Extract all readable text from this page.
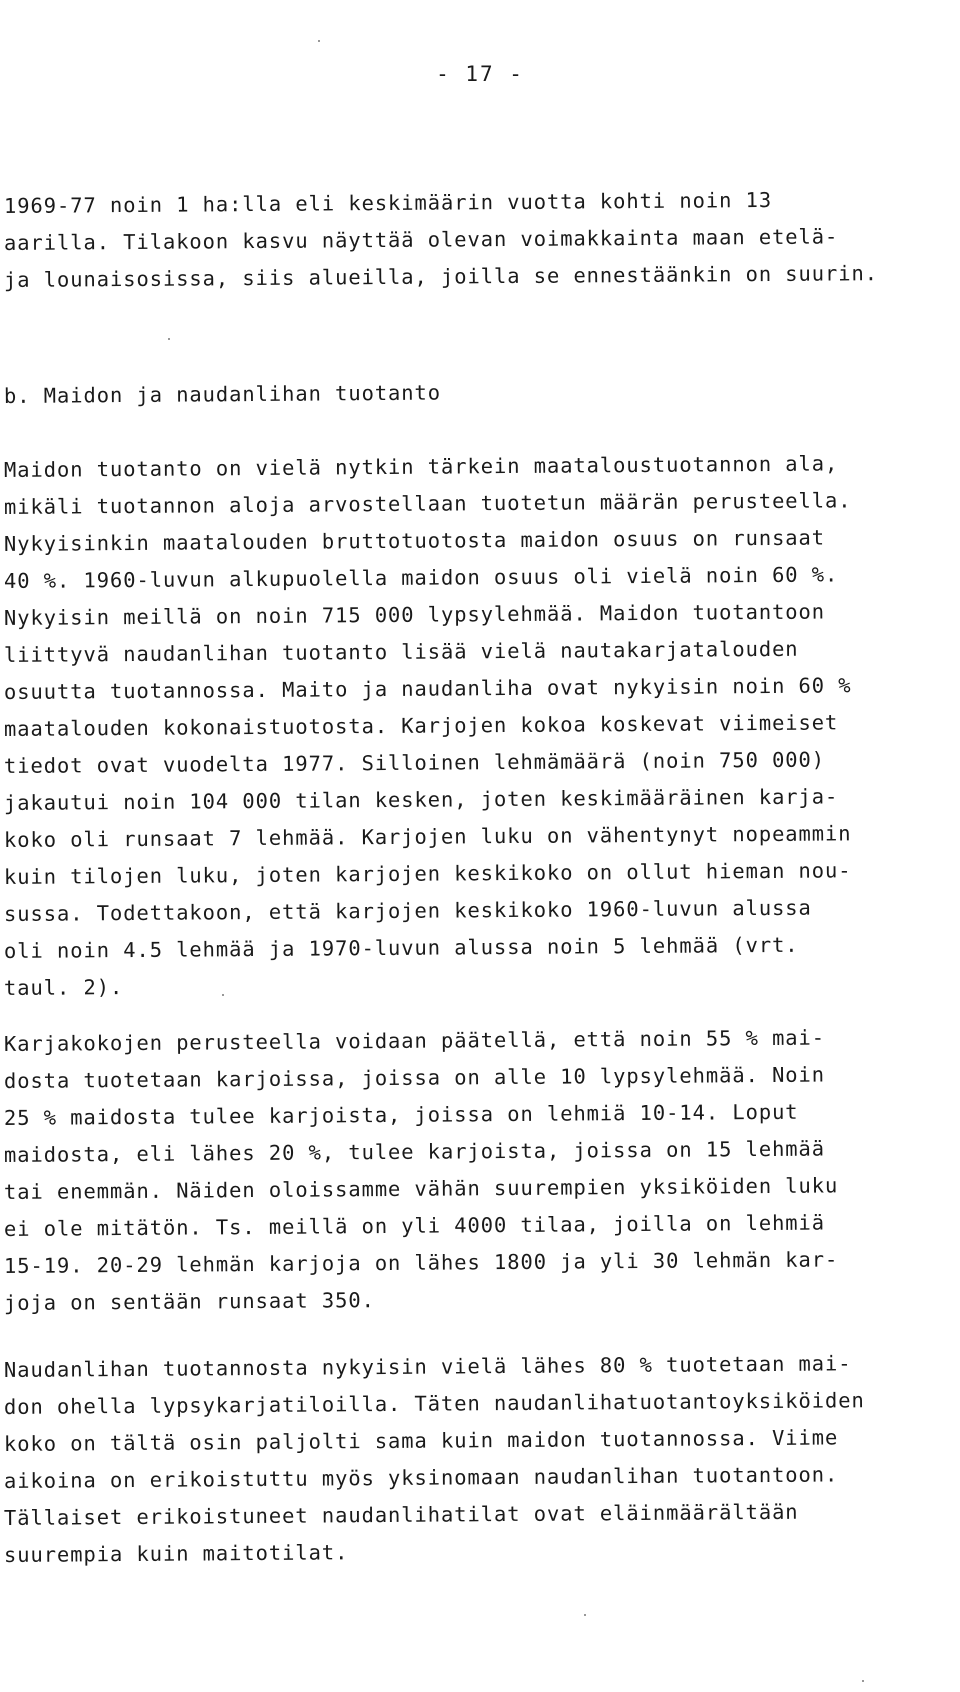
- 17 -
1969-77 noin 1 ha:lla eli keskimäärin vuotta kohti noin 13
aarilla. Tilakoon kasvu näyttää olevan voimakkainta maan etelä-
ja lounaisosissa, siis alueilla, joilla se ennestäänkin on suurin.
b. Maidon ja naudanlihan tuotanto
Maidon tuotanto on vielä nytkin tärkein maataloustuotannon ala,
mikäli tuotannon aloja arvostellaan tuotetun määrän perusteella.
Nykyisinkin maatalouden bruttotuotosta maidon osuus on runsaat
40 %. 1960-luvun alkupuolella maidon osuus oli vielä noin 60 %.
Nykyisin meillä on noin 715 000 lypsylehmää. Maidon tuotantoon
liittyvä naudanlihan tuotanto lisää vielä nautakarjatalouden
osuutta tuotannossa. Maito ja naudanliha ovat nykyisin noin 60 %
maatalouden kokonaistuotosta. Karjojen kokoa koskevat viimeiset
tiedot ovat vuodelta 1977. Silloinen lehmämäärä (noin 750 000)
jakautui noin 104 000 tilan kesken, joten keskimääräinen karja-
koko oli runsaat 7 lehmää. Karjojen luku on vähentynyt nopeammin
kuin tilojen luku, joten karjojen keskikoko on ollut hieman nou-
sussa. Todettakoon, että karjojen keskikoko 1960-luvun alussa
oli noin 4.5 lehmää ja 1970-luvun alussa noin 5 lehmää (vrt.
taul. 2).
Karjakokojen perusteella voidaan päätellä, että noin 55 % mai-
dosta tuotetaan karjoissa, joissa on alle 10 lypsylehmää. Noin
25 % maidosta tulee karjoista, joissa on lehmiä 10-14. Loput
maidosta, eli lähes 20 %, tulee karjoista, joissa on 15 lehmää
tai enemmän. Näiden oloissamme vähän suurempien yksiköiden luku
ei ole mitätön. Ts. meillä on yli 4000 tilaa, joilla on lehmiä
15-19. 20-29 lehmän karjoja on lähes 1800 ja yli 30 lehmän kar-
joja on sentään runsaat 350.
Naudanlihan tuotannosta nykyisin vielä lähes 80 % tuotetaan mai-
don ohella lypsykarjatiloilla. Täten naudanlihatuotantoyksiköiden
koko on tältä osin paljolti sama kuin maidon tuotannossa. Viime
aikoina on erikoistuttu myös yksinomaan naudanlihan tuotantoon.
Tällaiset erikoistuneet naudanlihatilat ovat eläinmäärältään
suurempia kuin maitotilat.
